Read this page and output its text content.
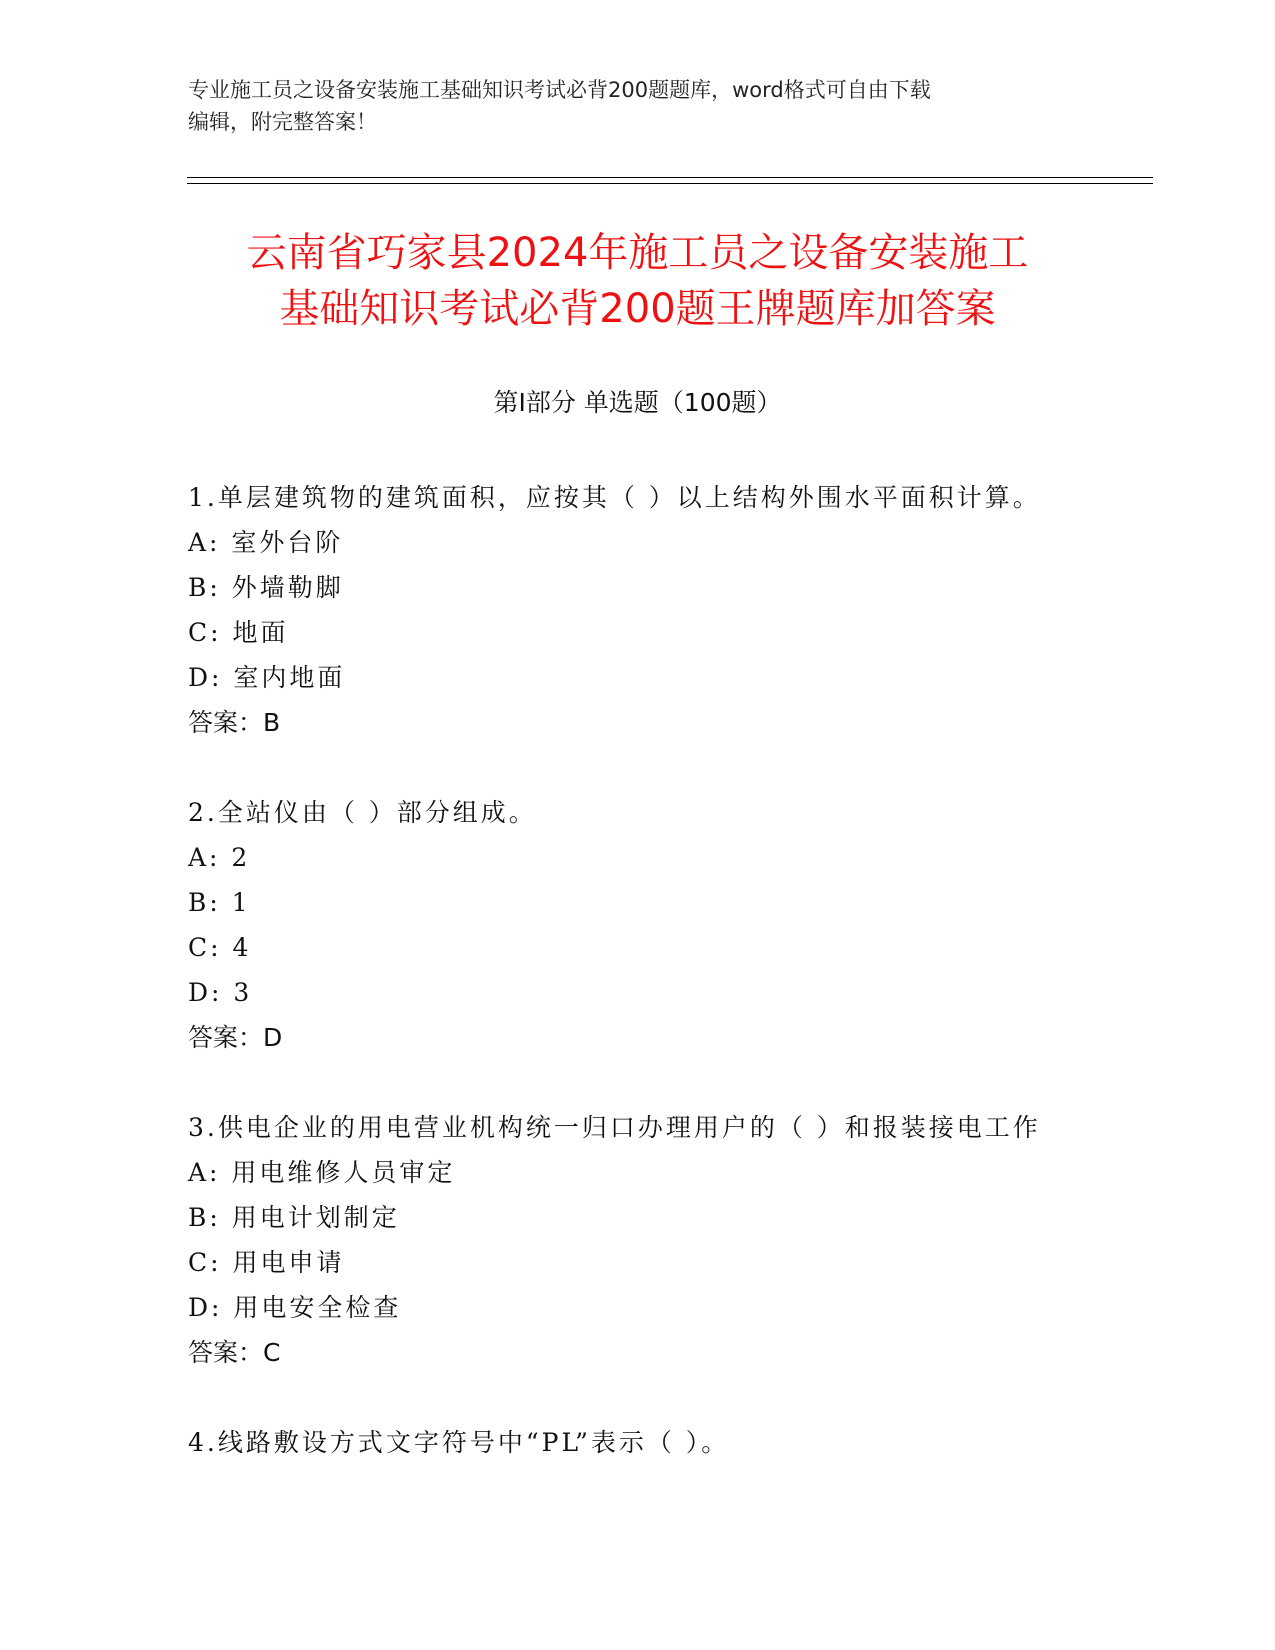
专业施工员之设备安装施工基础知识考试必背200题题库，word格式可自由下载
编辑，附完整答案！
云南省巧家县2024年施工员之设备安装施工
基础知识考试必背200题王牌题库加答案
第Ⅰ部分 单选题（100题）
1.单层建筑物的建筑面积，应按其（ ）以上结构外围水平面积计算。
A: 室外台阶
B: 外墙勒脚
C: 地面
D: 室内地面
答案：B
2.全站仪由（ ）部分组成。
A: 2
B: 1
C: 4
D: 3
答案：D
3.供电企业的用电营业机构统一归口办理用户的（ ）和报装接电工作
A: 用电维修人员审定
B: 用电计划制定
C: 用电申请
D: 用电安全检查
答案：C
4.线路敷设方式文字符号中“PL”表示（ ）。
